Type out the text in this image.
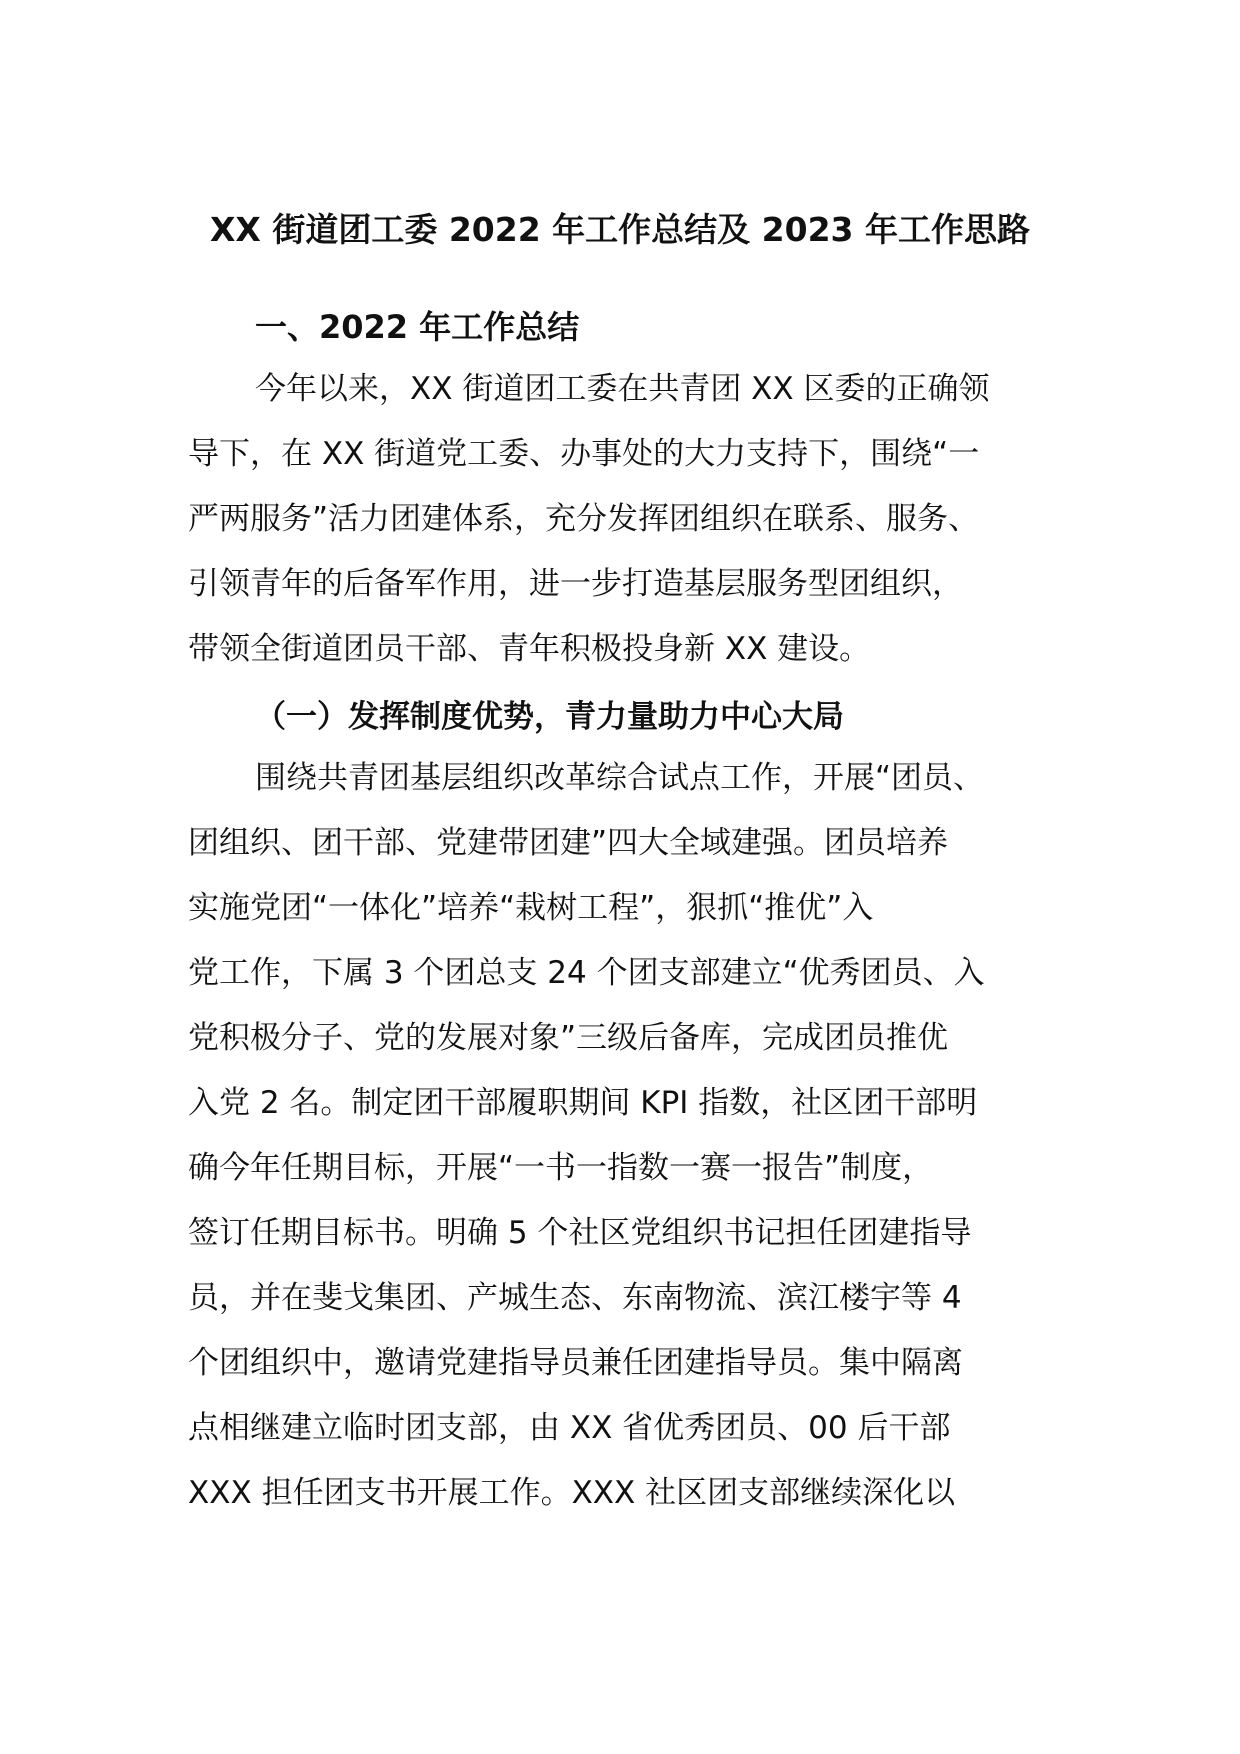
XX 街道团工委 2022 年工作总结及 2023 年工作思路
一、2022 年工作总结
今年以来，XX 街道团工委在共青团 XX 区委的正确领
导下，在 XX 街道党工委、办事处的大力支持下，围绕“一
严两服务”活力团建体系，充分发挥团组织在联系、服务、
引领青年的后备军作用，进一步打造基层服务型团组织，
带领全街道团员干部、青年积极投身新 XX 建设。
（一）发挥制度优势，青力量助力中心大局
围绕共青团基层组织改革综合试点工作，开展“团员、
团组织、团干部、党建带团建”四大全域建强。团员培养
实施党团“一体化”培养“栽树工程”，狠抓“推优”入
党工作，下属 3 个团总支 24 个团支部建立“优秀团员、入
党积极分子、党的发展对象”三级后备库，完成团员推优
入党 2 名。制定团干部履职期间 KPI 指数，社区团干部明
确今年任期目标，开展“一书一指数一赛一报告”制度，
签订任期目标书。明确 5 个社区党组织书记担任团建指导
员，并在斐戈集团、产城生态、东南物流、滨江楼宇等 4
个团组织中，邀请党建指导员兼任团建指导员。集中隔离
点相继建立临时团支部，由 XX 省优秀团员、00 后干部
XXX 担任团支书开展工作。XXX 社区团支部继续深化以
